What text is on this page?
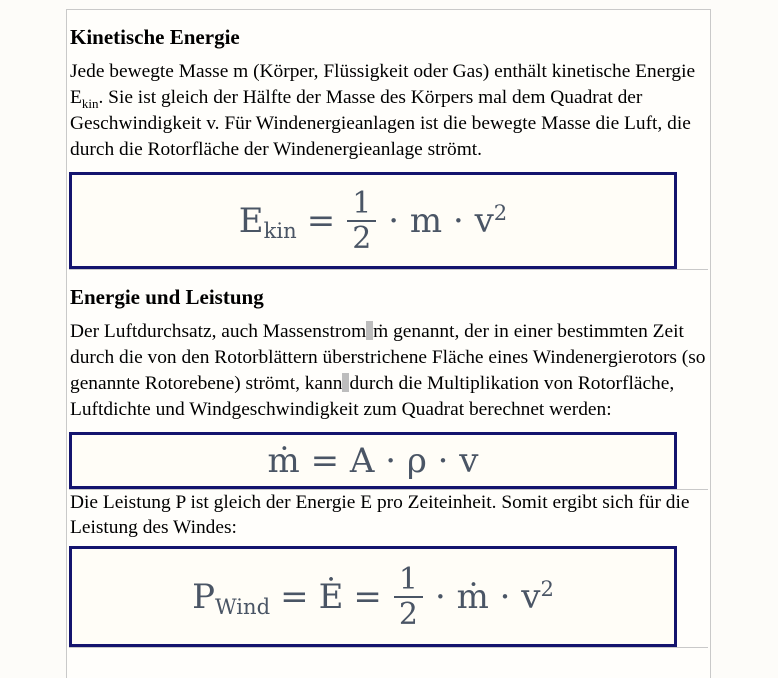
Kinetische Energie

Jede bewegte Masse m (Körper, Flüssigkeit oder Gas) enthält kinetische Energie $E_{kin}$. Sie ist gleich der Hälfte der Masse des Körpers mal dem Quadrat der Geschwindigkeit v. Für Windenergieanlagen ist die bewegte Masse die Luft, die durch die Rotorfläche der Windenergieanlage strömt.

$E_{kin} = \frac{1}{2} \cdot m \cdot v^2$
Energie und Leistung

Der Luftdurchsatz, auch Massenstrom ṁ genannt, der in einer bestimmten Zeit durch die von den Rotorblättern überstrichene Fläche eines Windenergierotors (so genannte Rotorebene) strömt, kann durch die Multiplikation von Rotorfläche, Luftdichte und Windgeschwindigkeit zum Quadrat berechnet werden:

ṁ = A · ρ · v

Die Leistung P ist gleich der Energie E pro Zeiteinheit. Somit ergibt sich für die Leistung des Windes:

$P_{Wind}$ = Ė = $\frac{1}{2}$ · ṁ · $v^2$
